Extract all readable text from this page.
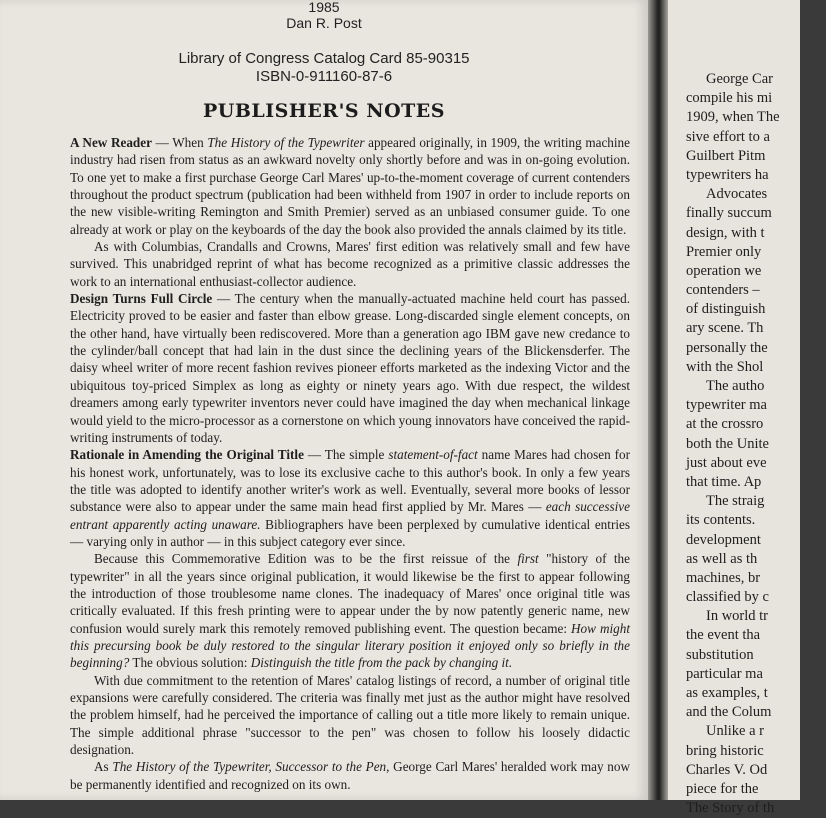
1985
Dan R. Post
Library of Congress Catalog Card 85-90315
ISBN-0-911160-87-6
PUBLISHER'S NOTES

A New Reader — When The History of the Typewriter appeared originally, in 1909, the writing machine industry had risen from status as an awkward novelty only shortly before and was in on-going evolution. To one yet to make a first purchase George Carl Mares' up-to-the-moment coverage of current contenders throughout the product spectrum (publication had been withheld from 1907 in order to include reports on the new visible-writing Remington and Smith Premier) served as an unbiased consumer guide. To one already at work or play on the keyboards of the day the book also provided the annals claimed by its title.

As with Columbias, Crandalls and Crowns, Mares' first edition was relatively small and few have survived. This unabridged reprint of what has become recognized as a primitive classic addresses the work to an international enthusiast-collector audience.

Design Turns Full Circle — The century when the manually-actuated machine held court has passed. Electricity proved to be easier and faster than elbow grease. Long-discarded single element concepts, on the other hand, have virtually been rediscovered. More than a generation ago IBM gave new credance to the cylinder/ball concept that had lain in the dust since the declining years of the Blickensderfer. The daisy wheel writer of more recent fashion revives pioneer efforts marketed as the indexing Victor and the ubiquitous toy-priced Simplex as long as eighty or ninety years ago. With due respect, the wildest dreamers among early typewriter inventors never could have imagined the day when mechanical linkage would yield to the micro-processor as a cornerstone on which young innovators have conceived the rapid-writing instruments of today.

Rationale in Amending the Original Title — The simple statement-of-fact name Mares had chosen for his honest work, unfortunately, was to lose its exclusive cache to this author's book. In only a few years the title was adopted to identify another writer's work as well. Eventually, several more books of lessor substance were also to appear under the same main head first applied by Mr. Mares — each successive entrant apparently acting unaware. Bibliographers have been perplexed by cumulative identical entries — varying only in author — in this subject category ever since.

Because this Commemorative Edition was to be the first reissue of the first "history of the typewriter" in all the years since original publication, it would likewise be the first to appear following the introduction of those troublesome name clones. The inadequacy of Mares' once original title was critically evaluated. If this fresh printing were to appear under the by now patently generic name, new confusion would surely mark this remotely removed publishing event. The question became: How might this precursing book be duly restored to the singular literary position it enjoyed only so briefly in the beginning? The obvious solution: Distinguish the title from the pack by changing it.

With due commitment to the retention of Mares' catalog listings of record, a number of original title expansions were carefully considered. The criteria was finally met just as the author might have resolved the problem himself, had he perceived the importance of calling out a title more likely to remain unique. The simple additional phrase "successor to the pen" was chosen to follow his loosely didactic designation.

As The History of the Typewriter, Successor to the Pen, George Carl Mares' heralded work may now be permanently identified and recognized on its own.

George Car
compile his mi
1909, when The
sive effort to a
Guilbert Pitm
typewriters ha
Advocates
finally succum
design, with t
Premier only
operation we
contenders –
of distinguish
ary scene. Th
personally the
with the Shol
The autho
typewriter ma
at the crossro
both the Unite
just about eve
that time. Ap
The straig
its contents.
development
as well as th
machines, br
classified by c
In world tr
the event tha
substitution
particular ma
as examples, t
and the Colum
Unlike a r
bring historic
Charles V. Od
piece for the
The Story of th
